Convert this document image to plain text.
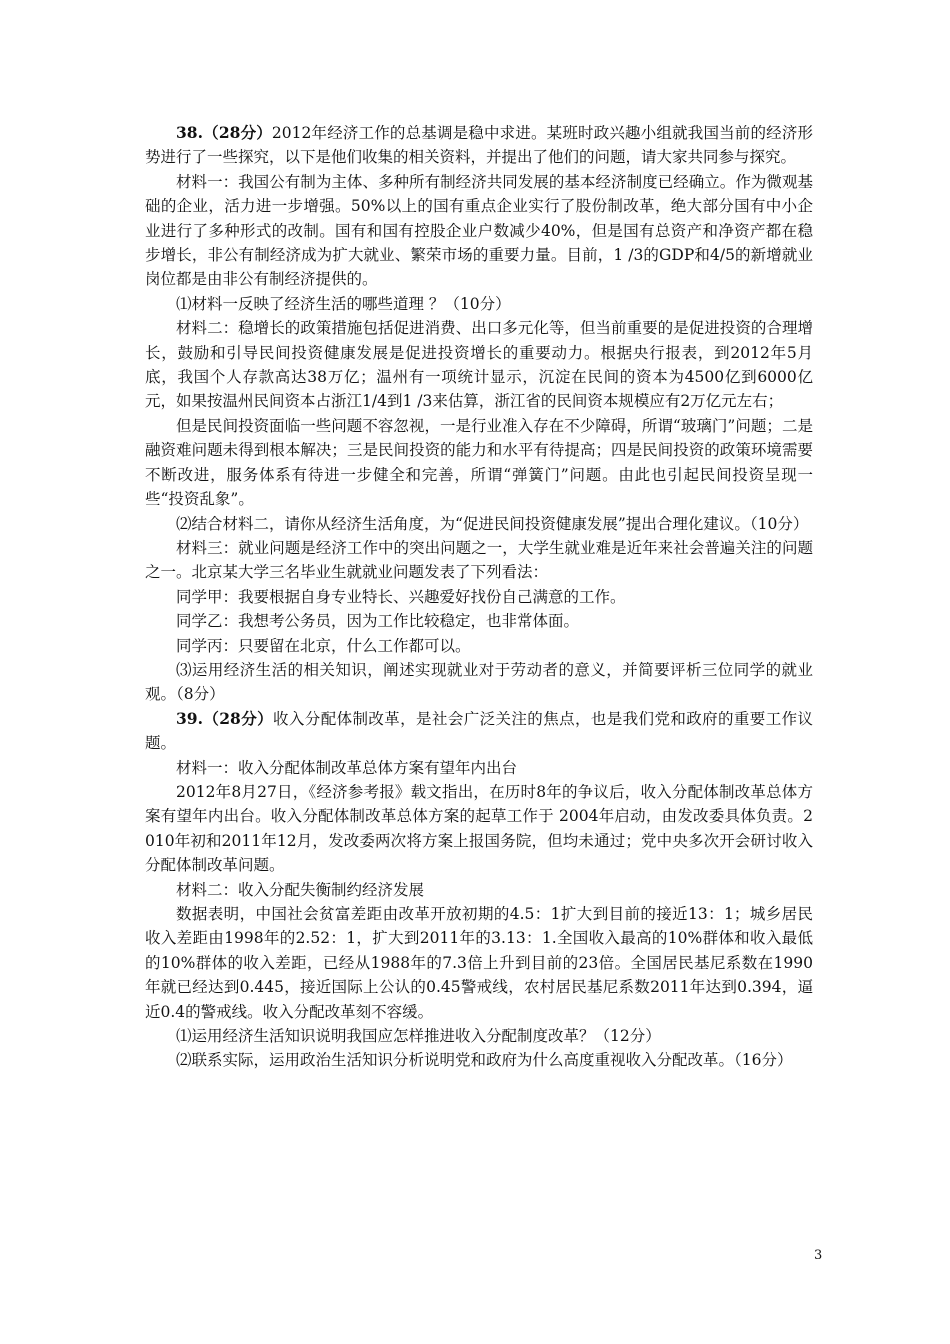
38.（28分）2012年经济工作的总基调是稳中求进。某班时政兴趣小组就我国当前的经济形势进行了一些探究，以下是他们收集的相关资料，并提出了他们的问题，请大家共同参与探究。

材料一：我国公有制为主体、多种所有制经济共同发展的基本经济制度已经确立。作为微观基础的企业，活力进一步增强。50%以上的国有重点企业实行了股份制改革，绝大部分国有中小企业进行了多种形式的改制。国有和国有控股企业户数减少40%，但是国有总资产和净资产都在稳步增长，非公有制经济成为扩大就业、繁荣市场的重要力量。目前，1 /3的GDP和4/5的新增就业岗位都是由非公有制经济提供的。

⑴材料一反映了经济生活的哪些道理 ？（10分）

材料二：稳增长的政策措施包括促进消费、出口多元化等，但当前重要的是促进投资的合理增长，鼓励和引导民间投资健康发展是促进投资增长的重要动力。根据央行报表，到2012年5月底，我国个人存款高达38万亿；温州有一项统计显示，沉淀在民间的资本为4500亿到6000亿元，如果按温州民间资本占浙江1/4到1 /3来估算，浙江省的民间资本规模应有2万亿元左右；

但是民间投资面临一些问题不容忽视，一是行业准入存在不少障碍，所谓“玻璃门”问题；二是融资难问题未得到根本解决；三是民间投资的能力和水平有待提高；四是民间投资的政策环境需要不断改进，服务体系有待进一步健全和完善，所谓“弹簧门”问题。由此也引起民间投资呈现一些“投资乱象”。

⑵结合材料二，请你从经济生活角度，为“促进民间投资健康发展”提出合理化建议。（10分）

材料三：就业问题是经济工作中的突出问题之一，大学生就业难是近年来社会普遍关注的问题之一。北京某大学三名毕业生就就业问题发表了下列看法：

同学甲：我要根据自身专业特长、兴趣爱好找份自己满意的工作。

同学乙：我想考公务员，因为工作比较稳定，也非常体面。

同学丙：只要留在北京，什么工作都可以。

⑶运用经济生活的相关知识，阐述实现就业对于劳动者的意义，并简要评析三位同学的就业观。（8分）

39.（28分）收入分配体制改革，是社会广泛关注的焦点，也是我们党和政府的重要工作议题。

材料一：收入分配体制改革总体方案有望年内出台

2012年8月27日，《经济参考报》载文指出，在历时8年的争议后，收入分配体制改革总体方案有望年内出台。收入分配体制改革总体方案的起草工作于 2004年启动，由发改委具体负责。2010年初和2011年12月，发改委两次将方案上报国务院，但均未通过；党中央多次开会研讨收入分配体制改革问题。

材料二：收入分配失衡制约经济发展

数据表明，中国社会贫富差距由改革开放初期的4.5：1扩大到目前的接近13：1；城乡居民收入差距由1998年的2.52：1，扩大到2011年的3.13：1.全国收入最高的10%群体和收入最低的10%群体的收入差距，已经从1988年的7.3倍上升到目前的23倍。全国居民基尼系数在1990年就已经达到0.445，接近国际上公认的0.45警戒线，农村居民基尼系数2011年达到0.394，逼近0.4的警戒线。收入分配改革刻不容缓。

⑴运用经济生活知识说明我国应怎样推进收入分配制度改革？（12分）

⑵联系实际，运用政治生活知识分析说明党和政府为什么高度重视收入分配改革。（16分）

3
